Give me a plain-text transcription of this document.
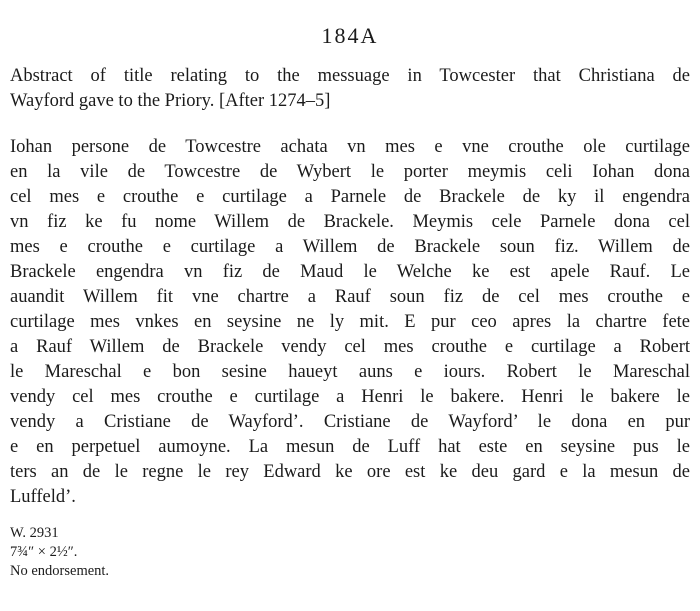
184A
Abstract of title relating to the messuage in Towcester that Christiana de
Wayford gave to the Priory. [After 1274–5]
Iohan persone de Towcestre achata vn mes e vne crouthe ole curtilage
en la vile de Towcestre de Wybert le porter meymis celi Iohan dona
cel mes e crouthe e curtilage a Parnele de Brackele de ky il engendra
vn fiz ke fu nome Willem de Brackele. Meymis cele Parnele dona cel
mes e crouthe e curtilage a Willem de Brackele soun fiz. Willem de
Brackele engendra vn fiz de Maud le Welche ke est apele Rauf. Le
auandit Willem fit vne chartre a Rauf soun fiz de cel mes crouthe e
curtilage mes vnkes en seysine ne ly mit. E pur ceo apres la chartre fete
a Rauf Willem de Brackele vendy cel mes crouthe e curtilage a Robert
le Mareschal e bon sesine haueyt auns e iours. Robert le Mareschal
vendy cel mes crouthe e curtilage a Henri le bakere. Henri le bakere le
vendy a Cristiane de Wayford’. Cristiane de Wayford’ le dona en pur
e en perpetuel aumoyne. La mesun de Luff hat este en seysine pus le
ters an de le regne le rey Edward ke ore est ke deu gard e la mesun de
Luffeld’.
W. 2931
7¾″ × 2½″.
No endorsement.
